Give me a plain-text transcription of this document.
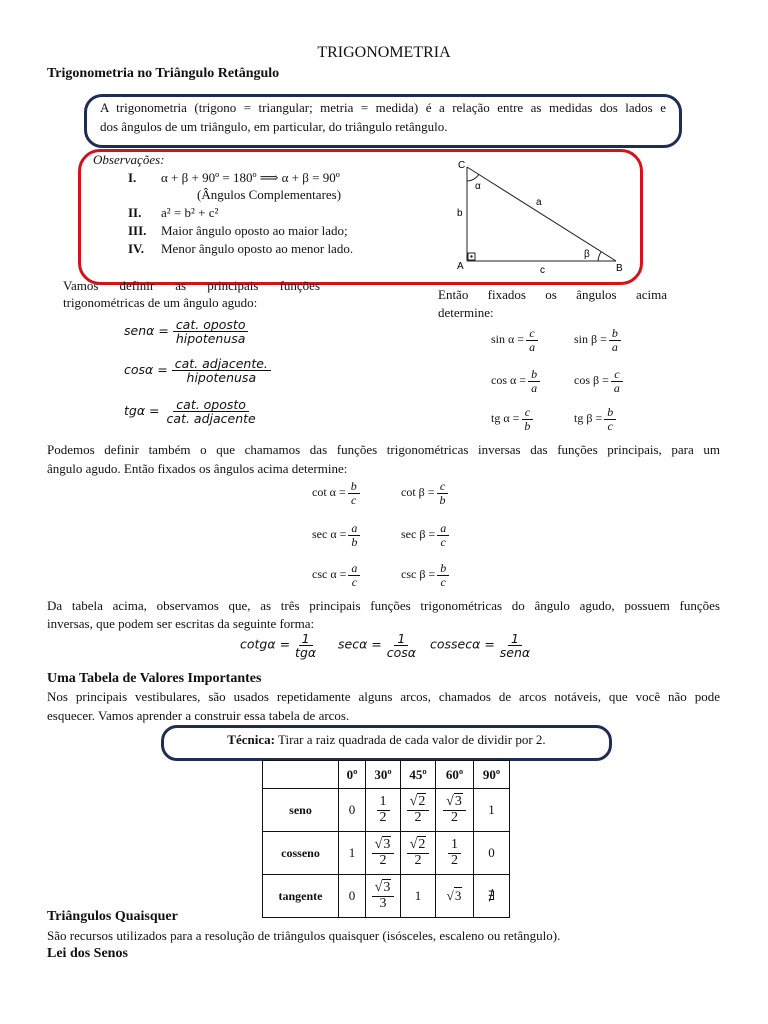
TRIGONOMETRIA
Trigonometria no Triângulo Retângulo
A trigonometria (trigono = triangular; metria = medida) é a relação entre as medidas dos lados e
dos ângulos de um triângulo, em particular, do triângulo retângulo.
Observações:
I. α + β + 90º = 180º ⟹ α + β = 90º
(Ângulos Complementares)
II. a² = b² + c²
III. Maior ângulo oposto ao maior lado;
IV. Menor ângulo oposto ao menor lado.
C
A	B
a
b
c
α
β
Vamos definir as principais funções
trigonométricas de um ângulo agudo:
$sen\alpha = \frac{\text{cat. oposto}}{\text{hipotenusa}}$
$\cos\alpha = \frac{\text{cat. adjacente.}}{\text{hipotenusa}}$
$tg\alpha = \frac{\text{cat. oposto}}{\text{cat. adjacente}}$
Então fixados os ângulos acima
determine:
$\sin \alpha = \frac{c}{a}$	$\sin \beta = \frac{b}{a}$
$\cos \alpha = \frac{b}{a}$	$\cos \beta = \frac{c}{a}$
tg $\alpha = \frac{c}{b}$	tg $\beta = \frac{b}{c}$
Podemos definir também o que chamamos das funções trigonométricas inversas das funções principais, para um
ângulo agudo. Então fixados os ângulos acima determine:
$\cot \alpha = \frac{b}{c}$	$\cot \beta = \frac{c}{b}$
$\sec \alpha = \frac{a}{b}$	$\sec \beta = \frac{a}{c}$
$\csc \alpha = \frac{a}{c}$	$\csc \beta = \frac{b}{c}$
Da tabela acima, observamos que, as três principais funções trigonométricas do ângulo agudo, possuem funções
inversas, que podem ser escritas da seguinte forma:
$\cot g\alpha = \frac{1}{\text{tgα}}$ $\sec\alpha = \frac{1}{\cos\alpha}$ $cossec\alpha = \frac{1}{\text{senα}}$
Uma Tabela de Valores Importantes
Nos principais vestibulares, são usados repetidamente alguns arcos, chamados de arcos notáveis, que você não pode
esquecer. Vamos aprender a construir essa tabela de arcos.
Técnica: Tirar a raiz quadrada de cada valor de dividir por 2.
	0º	30º	45º	60º	90º
seno	0	$\frac{1}{2}$	$\frac{√2}{2}$	$\frac{√3}{2}$	1
cosseno	1	$\frac{√3}{2}$	$\frac{√2}{2}$	$\frac{1}{2}$	0
tangente	0	$\frac{√3}{3}$	1	√3	∄
Triângulos Quaisquer
São recursos utilizados para a resolução de triângulos quaisquer (isósceles, escaleno ou retângulo).
Lei dos Senos
